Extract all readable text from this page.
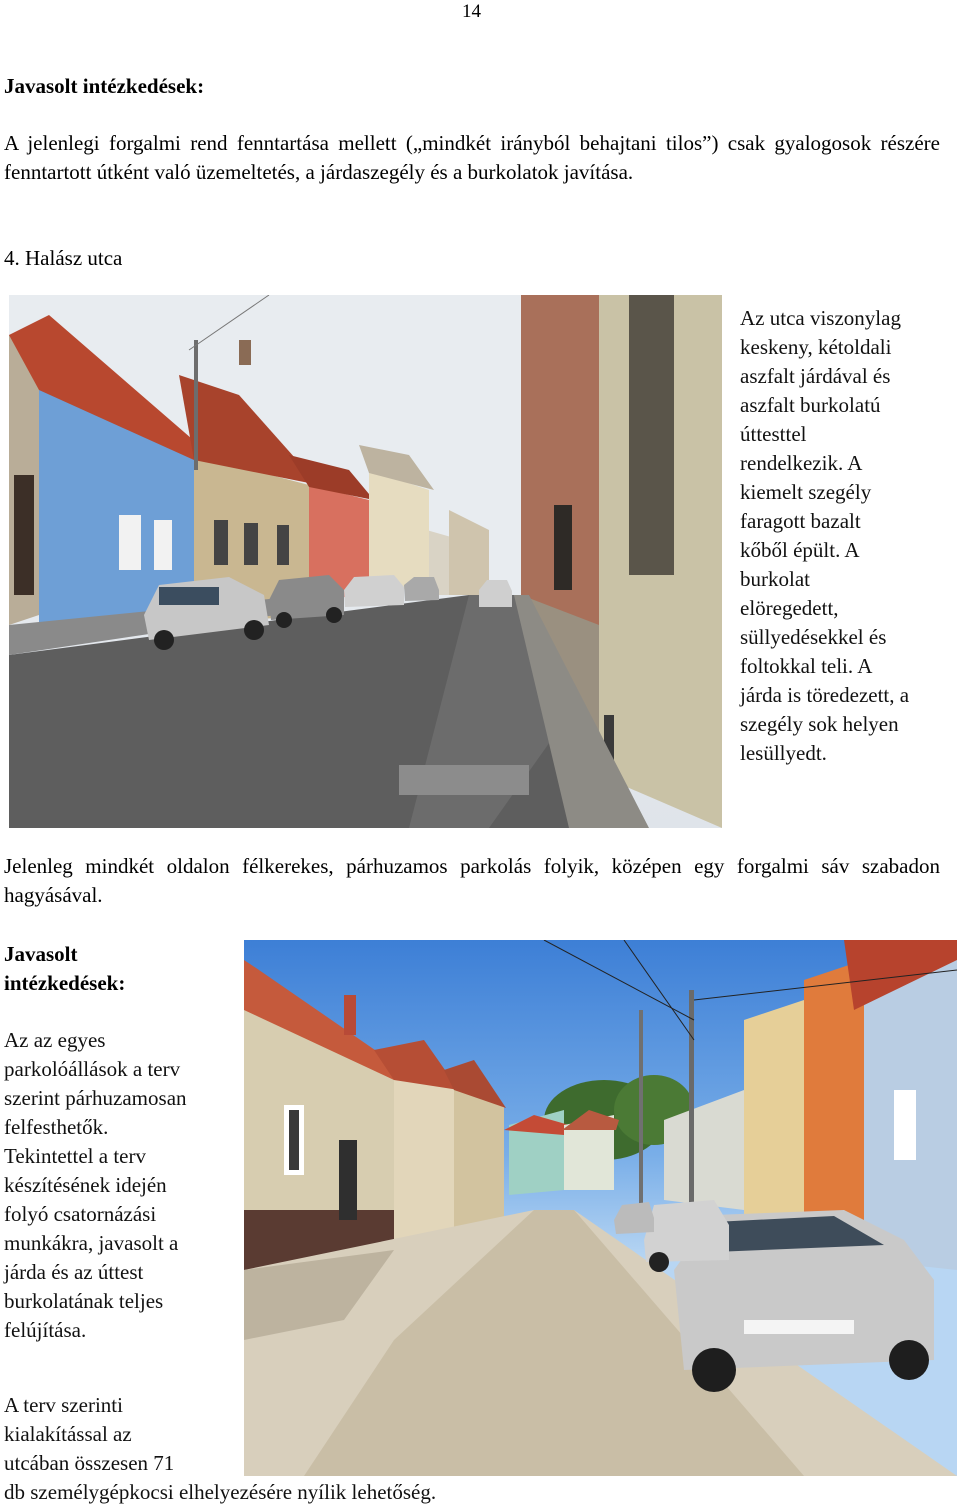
14
Javasolt intézkedések:
A jelenlegi forgalmi rend fenntartása mellett („mindkét irányból behajtani tilos”) csak gyalogosok részére fenntartott útként való üzemeltetés, a járdaszegély és a burkolatok javítása.
4. Halász utca
Az utca viszonylag
keskeny, kétoldali
aszfalt járdával és
aszfalt burkolatú
úttesttel
rendelkezik. A
kiemelt szegély
faragott bazalt
kőből épült. A
burkolat
elöregedett,
süllyedésekkel és
foltokkal teli. A
járda is töredezett, a
szegély sok helyen
lesüllyedt.
Jelenleg mindkét oldalon félkerekes, párhuzamos parkolás folyik, középen egy forgalmi sáv szabadon hagyásával.
Javasolt
intézkedések:
Az az egyes
parkolóállások a terv
szerint párhuzamosan
felfesthetők.
Tekintettel a terv
készítésének idején
folyó csatornázási
munkákra, javasolt a
járda és az úttest
burkolatának teljes
felújítása.
A terv szerinti
kialakítással az
utcában összesen 71
db személygépkocsi elhelyezésére nyílik lehetőség.
